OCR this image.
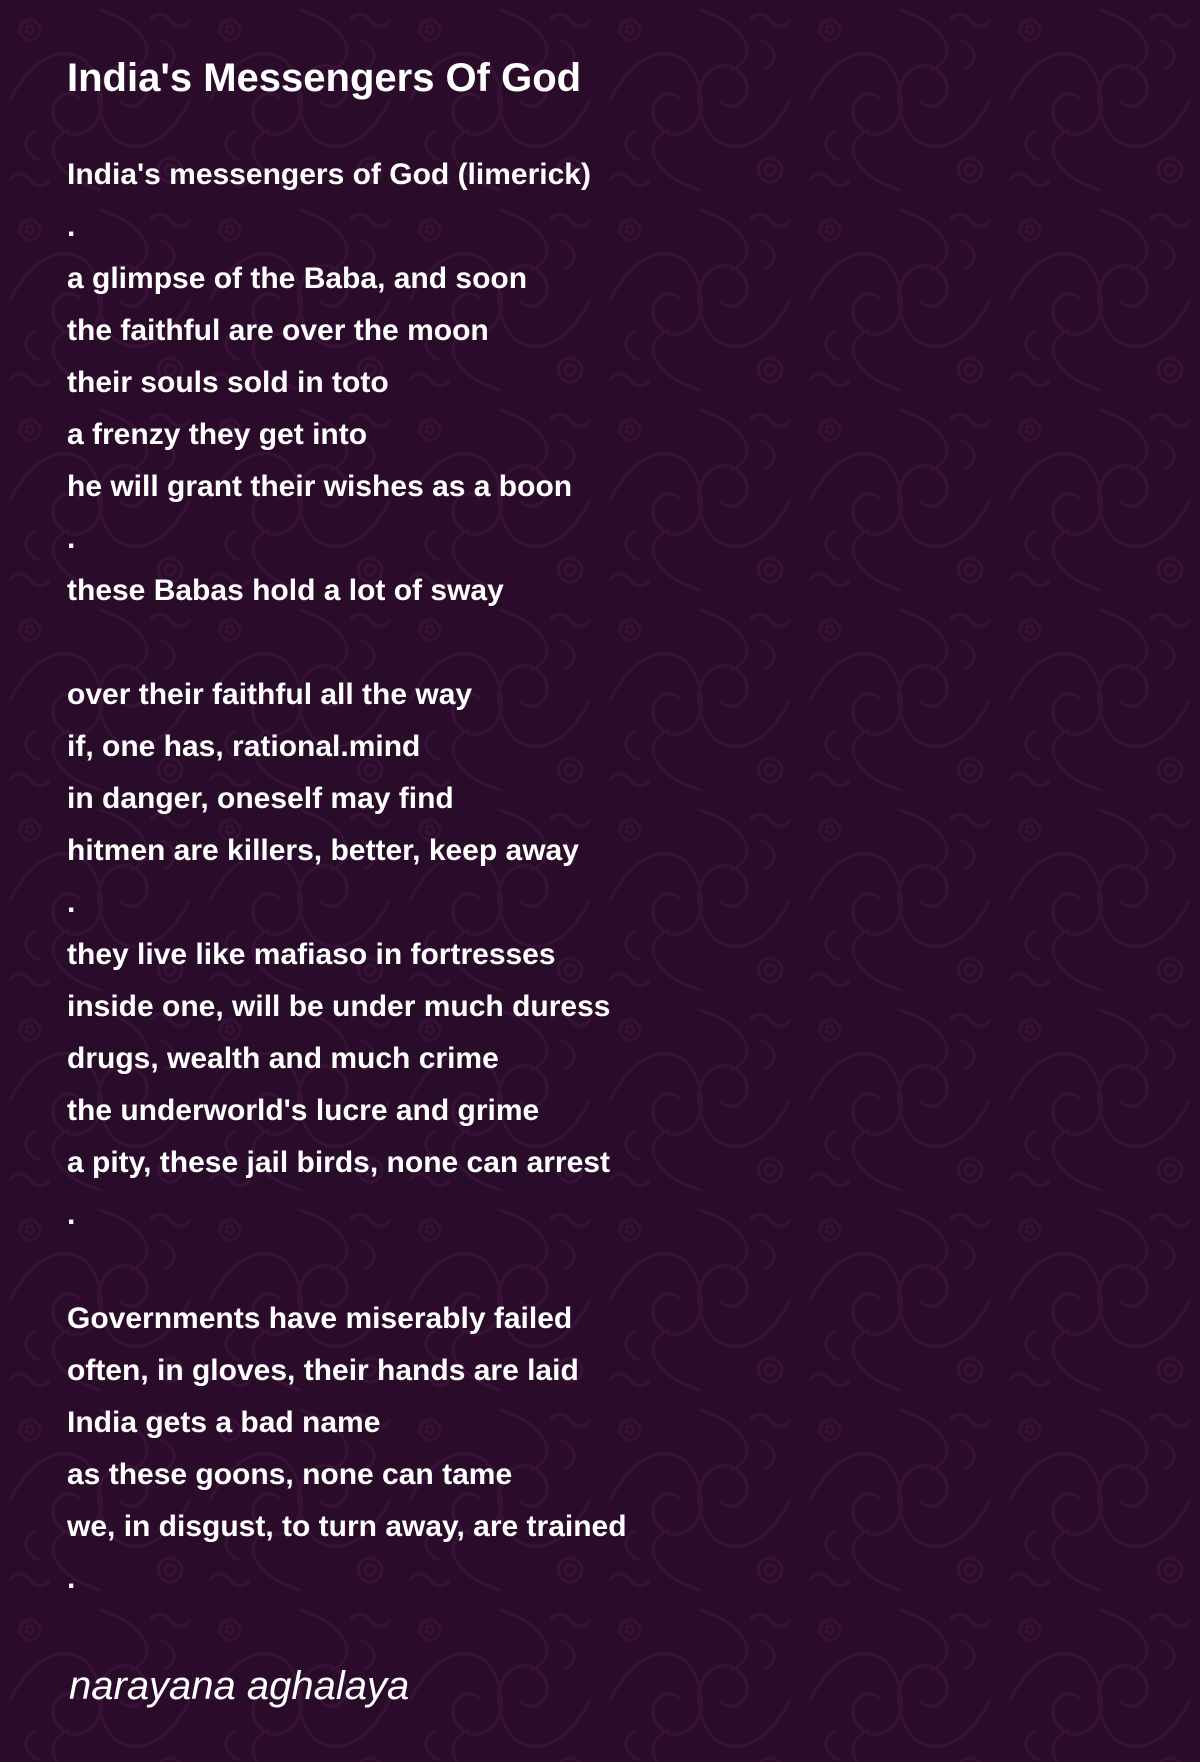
India's Messengers Of God
India's messengers of God (limerick)
.
a glimpse of the Baba, and soon
the faithful are over the moon
their souls sold in toto
a frenzy they get into
he will grant their wishes as a boon
.
these Babas hold a lot of sway
over their faithful all the way
if, one has, rational.mind
in danger, oneself may find
hitmen are killers, better, keep away
.
they live like mafiaso in fortresses
inside one, will be under much duress
drugs, wealth and much crime
the underworld's lucre and grime
a pity, these jail birds, none can arrest
.
Governments have miserably failed
often, in gloves, their hands are laid
India gets a bad name
as these goons, none can tame
we, in disgust, to turn away, are trained
.
narayana aghalaya
